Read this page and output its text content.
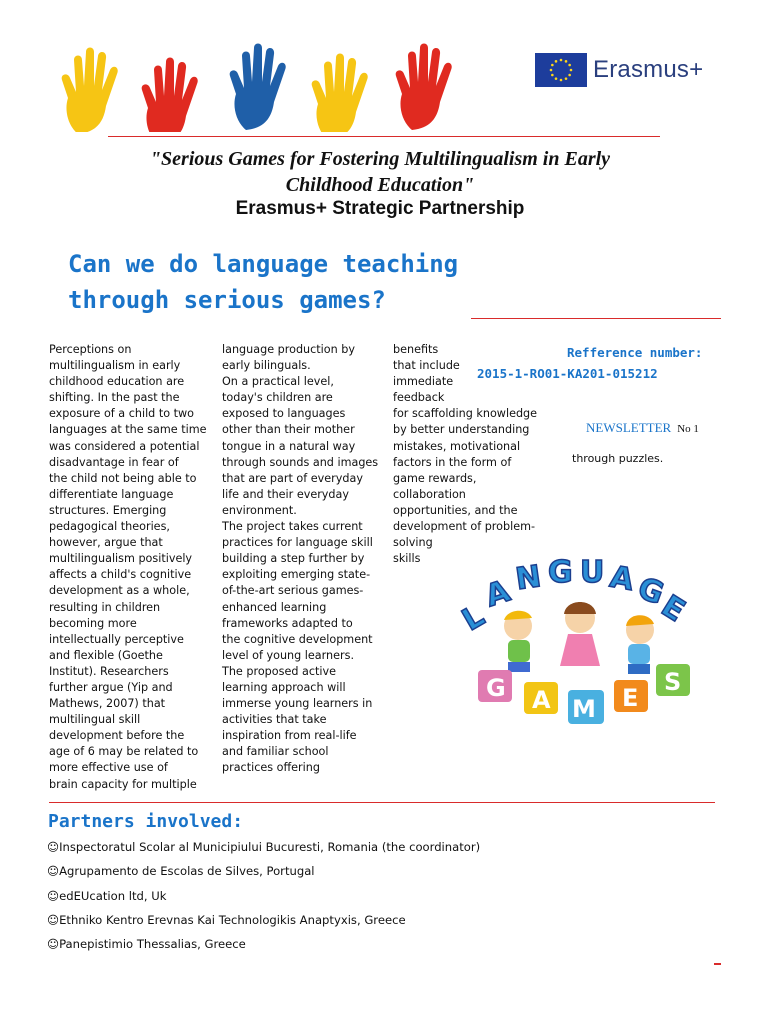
Erasmus+
"Serious Games for Fostering Multilingualism in Early
Childhood Education"
Erasmus+ Strategic Partnership
Can we do language teaching
through serious games?

Perceptions on

multilingualism in early

childhood education are

shifting. In the past the

exposure of a child to two

languages at the same time

was considered a potential

disadvantage in fear of

the child not being able to

differentiate language

structures. Emerging

pedagogical theories,

however, argue that

multilingualism positively

affects a child's cognitive

development as a whole,

resulting in children

becoming more

intellectually perceptive

and flexible (Goethe

Institut). Researchers

further argue (Yip and

Mathews, 2007) that

multilingual skill

development before the

age of 6 may be related to

more effective use of

brain capacity for multiple

language production by

early bilinguals.

On a practical level,

today's children are

exposed to languages

other than their mother

tongue in a natural way

through sounds and images

that are part of everyday

life and their everyday

environment.

The project takes current

practices for language skill

building a step further by

exploiting emerging state-

of-the-art serious games-

enhanced learning

frameworks adapted to

the cognitive development

level of young learners.

The proposed active

learning approach will

immerse young learners in

activities that take

inspiration from real-life

and familiar school

practices offering

benefits

that include

immediate

feedback

for scaffolding knowledge

by better understanding

mistakes, motivational

factors in the form of

game rewards,

collaboration

opportunities, and the

development of problem-

solving

skills

Refference number:
2015-1-RO01-KA201-015212
NEWSLETTER No 1
through puzzles.
L
A N G U A
G
E
G A M E
S
Partners involved:
☺Inspectoratul Scolar al Municipiului Bucuresti, Romania (the coordinator)
☺Agrupamento de Escolas de Silves, Portugal
☺edEUcation ltd, Uk
☺Ethniko Kentro Erevnas Kai Technologikis Anaptyxis, Greece
☺Panepistimio Thessalias, Greece
